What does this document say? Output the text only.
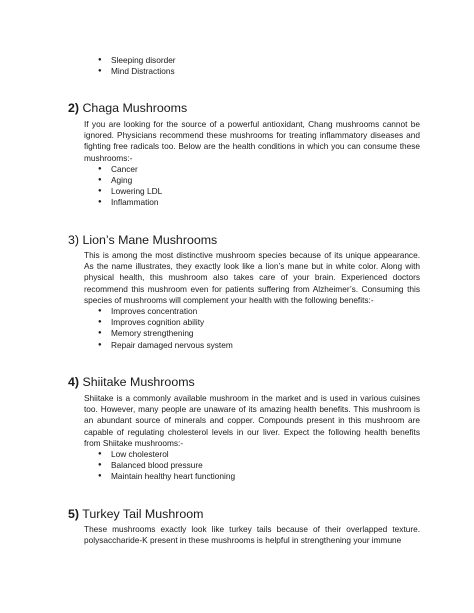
● Sleeping disorder
● Mind Distractions
2) Chaga Mushrooms

If you are looking for the source of a powerful antioxidant, Chang mushrooms cannot be ignored. Physicians recommend these mushrooms for treating inflammatory diseases and fighting free radicals too. Below are the health conditions in which you can consume these mushrooms:-

● Cancer
● Aging
● Lowering LDL
● Inflammation
3) Lion’s Mane Mushrooms

This is among the most distinctive mushroom species because of its unique appearance. As the name illustrates, they exactly look like a lion’s mane but in white color. Along with physical health, this mushroom also takes care of your brain. Experienced doctors recommend this mushroom even for patients suffering from Alzheimer’s. Consuming this species of mushrooms will complement your health with the following benefits:-

● Improves concentration
● Improves cognition ability
● Memory strengthening
● Repair damaged nervous system
4) Shiitake Mushrooms

Shiitake is a commonly available mushroom in the market and is used in various cuisines too. However, many people are unaware of its amazing health benefits. This mushroom is an abundant source of minerals and copper. Compounds present in this mushroom are capable of regulating cholesterol levels in our liver. Expect the following health benefits from Shiitake mushrooms:-

● Low cholesterol
● Balanced blood pressure
● Maintain healthy heart functioning
5) Turkey Tail Mushroom

These mushrooms exactly look like turkey tails because of their overlapped texture. polysaccharide-K present in these mushrooms is helpful in strengthening your immune
